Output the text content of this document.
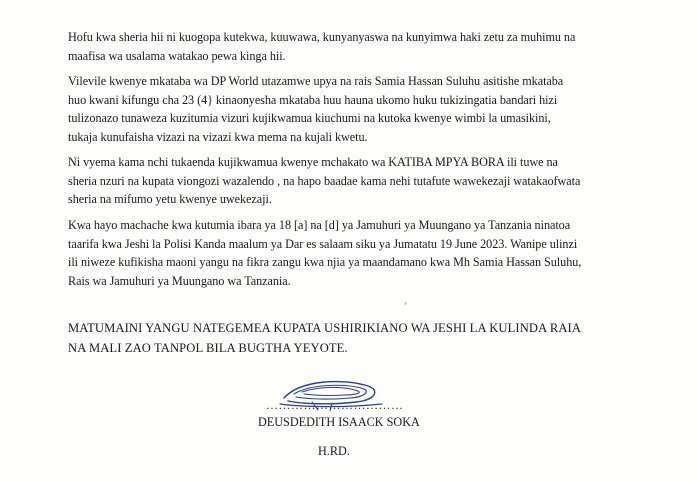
Hofu kwa sheria hii ni kuogopa kutekwa, kuuwawa, kunyanyaswa na kunyimwa haki zetu za muhimu na
maafisa wa usalama watakao pewa kinga hii.
Vilevile kwenye mkataba wa DP World utazamwe upya na rais Samia Hassan Suluhu asitishe mkataba
huo kwani kifungu cha 23 (4} kinaonyesha mkataba huu hauna ukomo huku tukizingatia bandari hizi
tulizonazo tunaweza kuzitumia vizuri kujikwamua kiuchumi na kutoka kwenye wimbi la umasikini,
tukaja kunufaisha vizazi na vizazi kwa mema na kujali kwetu.
Ni vyema kama nchi tukaenda kujikwamua kwenye mchakato wa KATIBA MPYA BORA ili tuwe na
sheria nzuri na kupata viongozi wazalendo , na hapo baadae kama nehi tutafute wawekezaji watakaofwata
sheria na mifumo yetu kwenye uwekezaji.
Kwa hayo machache kwa kutumia ibara ya 18 [a] na [d] ya Jamuhuri ya Muungano ya Tanzania ninatoa
taarifa kwa Jeshi la Polisi Kanda maalum ya Dar es salaam siku ya Jumatatu 19 June 2023. Wanipe ulinzi
ili niweze kufikisha maoni yangu na fikra zangu kwa njia ya maandamano kwa Mh Samia Hassan Suluhu,
Rais wa Jamuhuri ya Muungano wa Tanzania.
MATUMAINI YANGU NATEGEMEA KUPATA USHIRIKIANO WA JESHI LA KULINDA RAIA
NA MALI ZAO TANPOL BILA BUGTHA YEYOTE.
……………………………
DEUSDEDITH ISAACK SOKA
H.RD.
